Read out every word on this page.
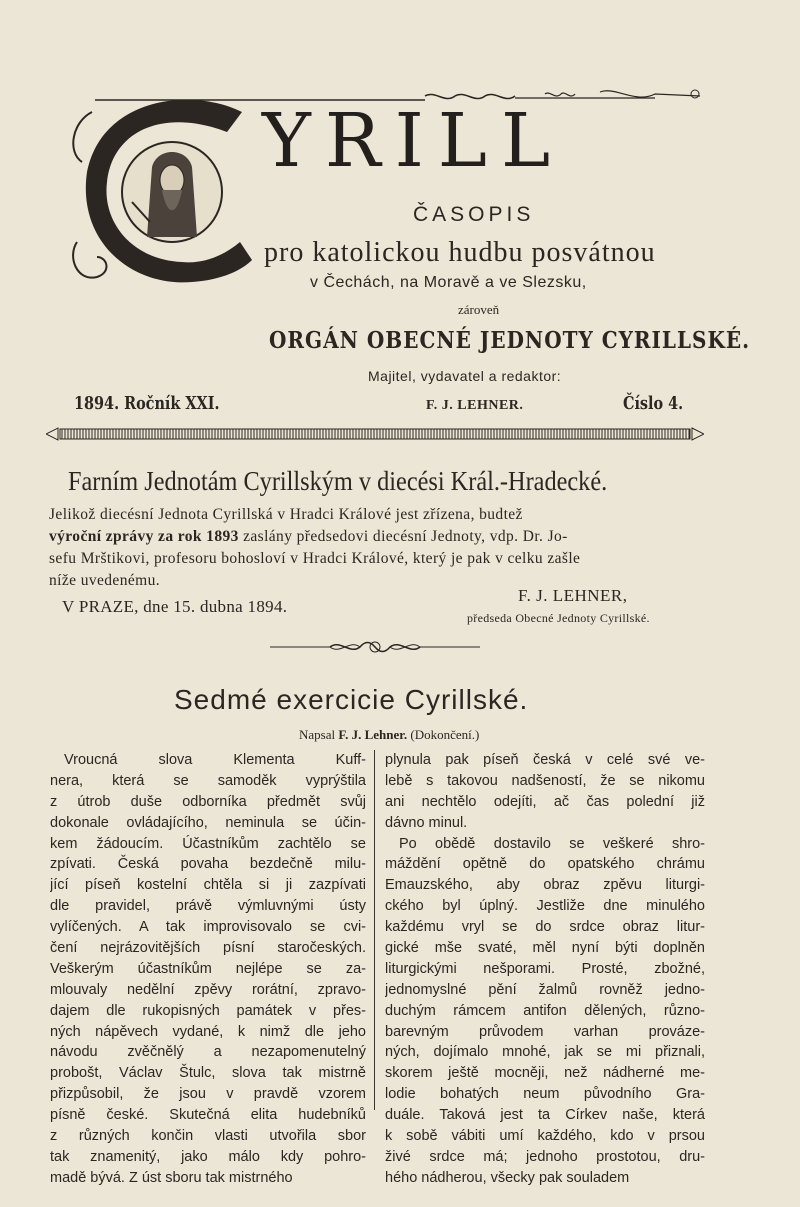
YRILL
ČASOPIS
pro katolickou hudbu posvátnou
v Čechách, na Moravě a ve Slezsku,
zároveň
ORGÁN OBECNÉ JEDNOTY CYRILLSKÉ.
Majitel, vydavatel a redaktor:
1894. Ročník XXI.	F. J. LEHNER.	Číslo 4.
Farním Jednotám Cyrillským v diecési Král.-Hradecké.
Jelikož diecésní Jednota Cyrillská v Hradci Králové jest zřízena, budtež
výroční zprávy za rok 1893 zaslány předsedovi diecésní Jednoty, vdp. Dr. Jo-
sefu Mrštikovi, profesoru bohosloví v Hradci Králové, který je pak v celku zašle
níže uvedenému.
V PRAZE, dne 15. dubna 1894.
F. J. LEHNER,
předseda Obecné Jednoty Cyrillské.
Sedmé exercicie Cyrillské.
Napsal F. J. Lehner. (Dokončení.)
Vroucná slova Klementa Kuff-
nera, která se samoděk vyprýštila
z útrob duše odborníka předmět svůj
dokonale ovládajícího, neminula se účin-
kem žádoucím. Účastníkům zachtělo se
zpívati. Česká povaha bezdečně milu-
jící píseň kostelní chtěla si ji zazpívati
dle pravidel, právě výmluvnými ústy
vylíčených. A tak improvisovalo se cvi-
čení nejrázovitějších písní staročeských.
Veškerým účastníkům nejlépe se za-
mlouvaly nedělní zpěvy rorátní, zpravo-
dajem dle rukopisných památek v přes-
ných nápěvech vydané, k nimž dle jeho
návodu zvěčnělý a nezapomenutelný
probošt, Václav Štulc, slova tak mistrně
přizpůsobil, že jsou v pravdě vzorem
písně české. Skutečná elita hudebníků
z různých končin vlasti utvořila sbor
tak znamenitý, jako málo kdy pohro-
madě bývá. Z úst sboru tak mistrného
plynula pak píseň česká v celé své ve-
lebě s takovou nadšeností, že se nikomu
ani nechtělo odejíti, ač čas polední již
dávno minul.
Po obědě dostavilo se veškeré shro-
máždění opětně do opatského chrámu
Emauzského, aby obraz zpěvu liturgi-
ckého byl úplný. Jestliže dne minulého
každému vryl se do srdce obraz litur-
gické mše svaté, měl nyní býti doplněn
liturgickými nešporami. Prosté, zbožné,
jednomyslné pění žalmů rovněž jedno-
duchým rámcem antifon dělených, různo-
barevným průvodem varhan provázе-
ných, dojímalo mnohé, jak se mi přiznali,
skorem ještě mocněji, než nádherné me-
lodie bohatých neum původního Gra-
duále. Taková jest ta Církev naše, která
k sobě vábiti umí každého, kdo v prsou
živé srdce má; jednoho prostotou, dru-
hého nádherou, všecky pak souladem
